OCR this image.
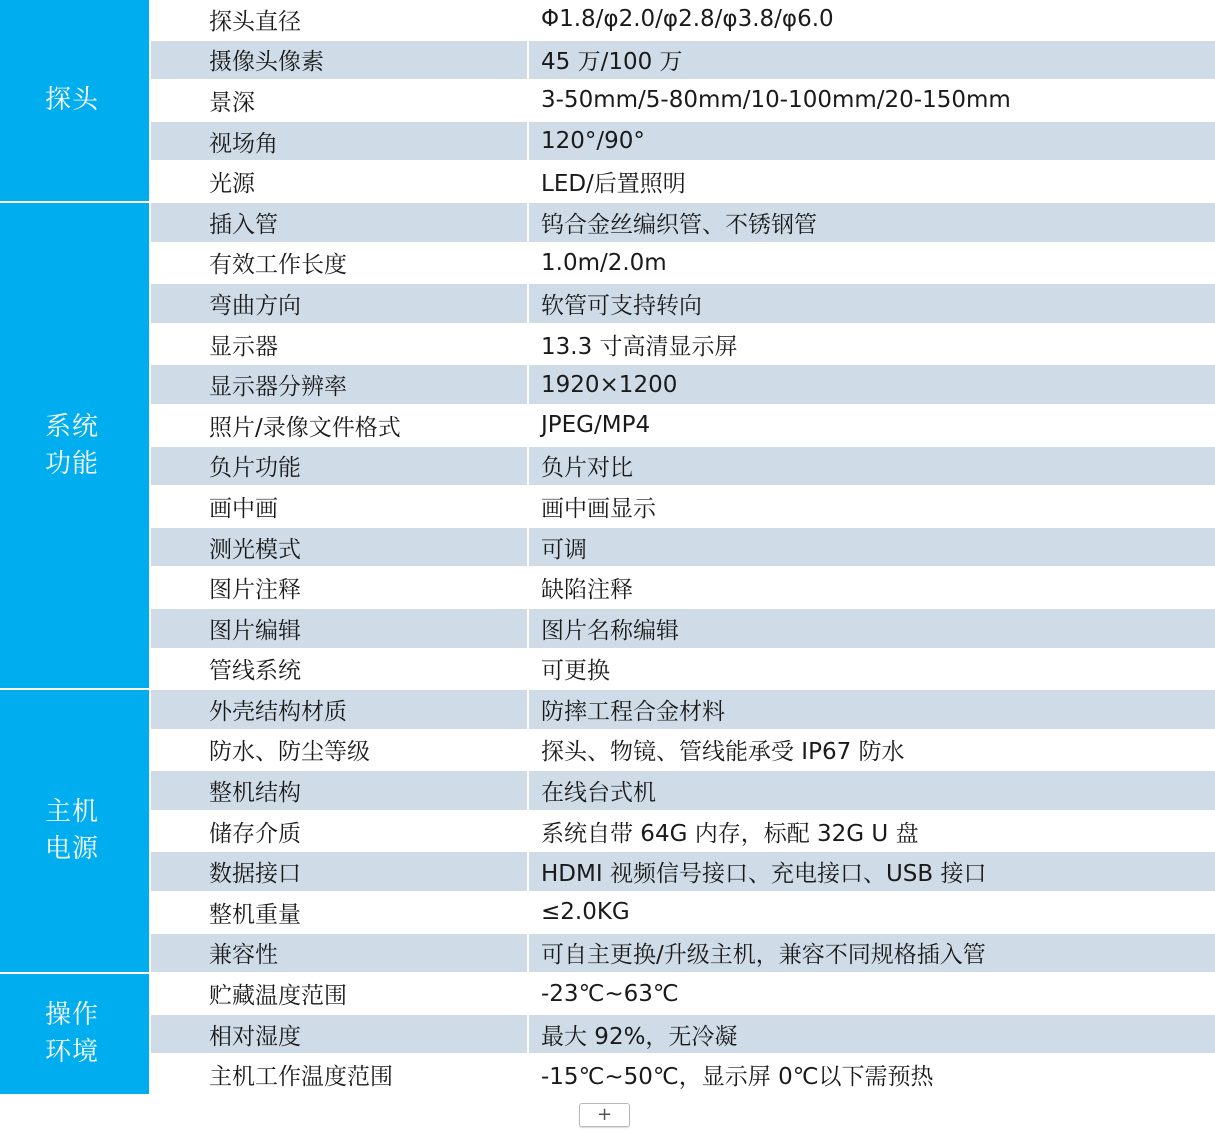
探头	探头直径	Φ1.8/φ2.0/φ2.8/φ3.8/φ6.0
	摄像头像素	45 万/100 万
	景深	3-50mm/5-80mm/10-100mm/20-150mm
	视场角	120°/90°
	光源	LED/后置照明

系统功能	插入管	钨合金丝编织管、不锈钢管
	有效工作长度	1.0m/2.0m
	弯曲方向	软管可支持转向
	显示器	13.3 寸高清显示屏
	显示器分辨率	1920×1200
	照片/录像文件格式	JPEG/MP4
	负片功能	负片对比
	画中画	画中画显示
	测光模式	可调
	图片注释	缺陷注释
	图片编辑	图片名称编辑
	管线系统	可更换

主机电源	外壳结构材质	防摔工程合金材料
	防水、防尘等级	探头、物镜、管线能承受 IP67 防水
	整机结构	在线台式机
	储存介质	系统自带 64G 内存，标配 32G U 盘
	数据接口	HDMI 视频信号接口、充电接口、USB 接口
	整机重量	≤2.0KG
	兼容性	可自主更换/升级主机，兼容不同规格插入管

操作环境	贮藏温度范围	-23℃~63℃
	相对湿度	最大 92%，无冷凝
	主机工作温度范围	-15℃~50℃，显示屏 0℃以下需预热
+
